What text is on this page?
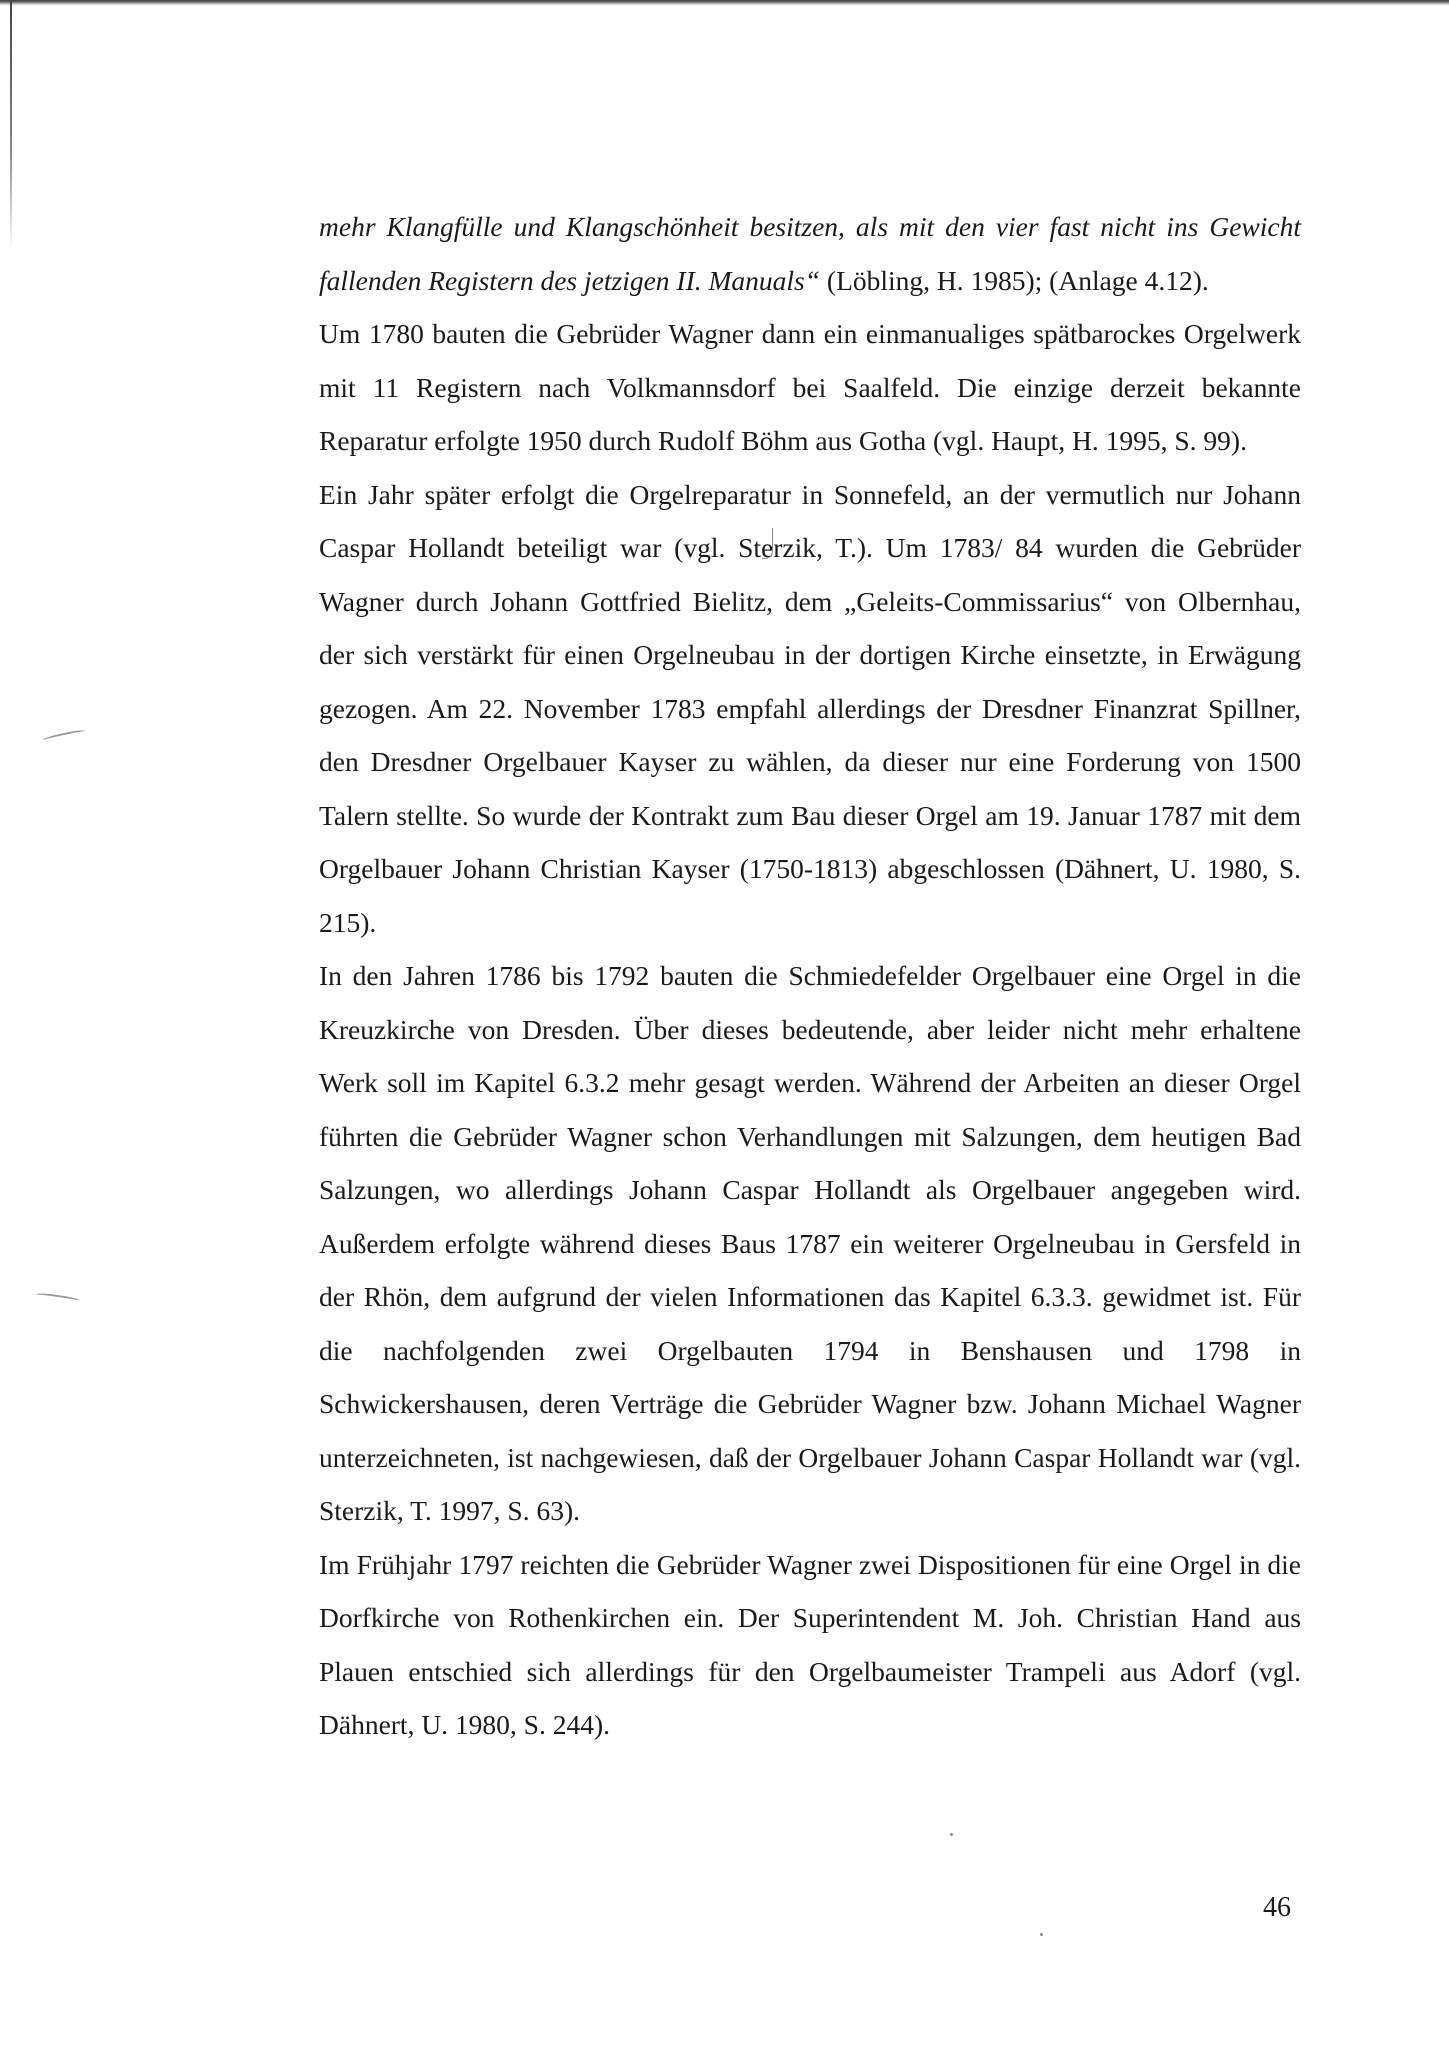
mehr Klangfülle und Klangschönheit besitzen, als mit den vier fast nicht ins Gewicht fallenden Registern des jetzigen II. Manuals“ (Löbling, H. 1985); (Anlage 4.12).

Um 1780 bauten die Gebrüder Wagner dann ein einmanualiges spätbarockes Orgelwerk mit 11 Registern nach Volkmannsdorf bei Saalfeld. Die einzige derzeit bekannte Reparatur erfolgte 1950 durch Rudolf Böhm aus Gotha (vgl. Haupt, H. 1995, S. 99).

Ein Jahr später erfolgt die Orgelreparatur in Sonnefeld, an der vermutlich nur Johann Caspar Hollandt beteiligt war (vgl. Sterzik, T.). Um 1783/ 84 wurden die Gebrüder Wagner durch Johann Gottfried Bielitz, dem „Geleits-Commissarius“ von Olbernhau, der sich verstärkt für einen Orgelneubau in der dortigen Kirche einsetzte, in Erwägung gezogen. Am 22. November 1783 empfahl allerdings der Dresdner Finanzrat Spillner, den Dresdner Orgelbauer Kayser zu wählen, da dieser nur eine Forderung von 1500 Talern stellte. So wurde der Kontrakt zum Bau dieser Orgel am 19. Januar 1787 mit dem Orgelbauer Johann Christian Kayser (1750-1813) abgeschlossen (Dähnert, U. 1980, S. 215).

In den Jahren 1786 bis 1792 bauten die Schmiedefelder Orgelbauer eine Orgel in die Kreuzkirche von Dresden. Über dieses bedeutende, aber leider nicht mehr erhaltene Werk soll im Kapitel 6.3.2 mehr gesagt werden. Während der Arbeiten an dieser Orgel führten die Gebrüder Wagner schon Verhandlungen mit Salzungen, dem heutigen Bad Salzungen, wo allerdings Johann Caspar Hollandt als Orgelbauer angegeben wird. Außerdem erfolgte während dieses Baus 1787 ein weiterer Orgelneubau in Gersfeld in der Rhön, dem aufgrund der vielen Informationen das Kapitel 6.3.3. gewidmet ist. Für die nachfolgenden zwei Orgelbauten 1794 in Benshausen und 1798 in Schwickershausen, deren Verträge die Gebrüder Wagner bzw. Johann Michael Wagner unterzeichneten, ist nachgewiesen, daß der Orgelbauer Johann Caspar Hollandt war (vgl. Sterzik, T. 1997, S. 63).

Im Frühjahr 1797 reichten die Gebrüder Wagner zwei Dispositionen für eine Orgel in die Dorfkirche von Rothenkirchen ein. Der Superintendent M. Joh. Christian Hand aus Plauen entschied sich allerdings für den Orgelbaumeister Trampeli aus Adorf (vgl. Dähnert, U. 1980, S. 244).

46
